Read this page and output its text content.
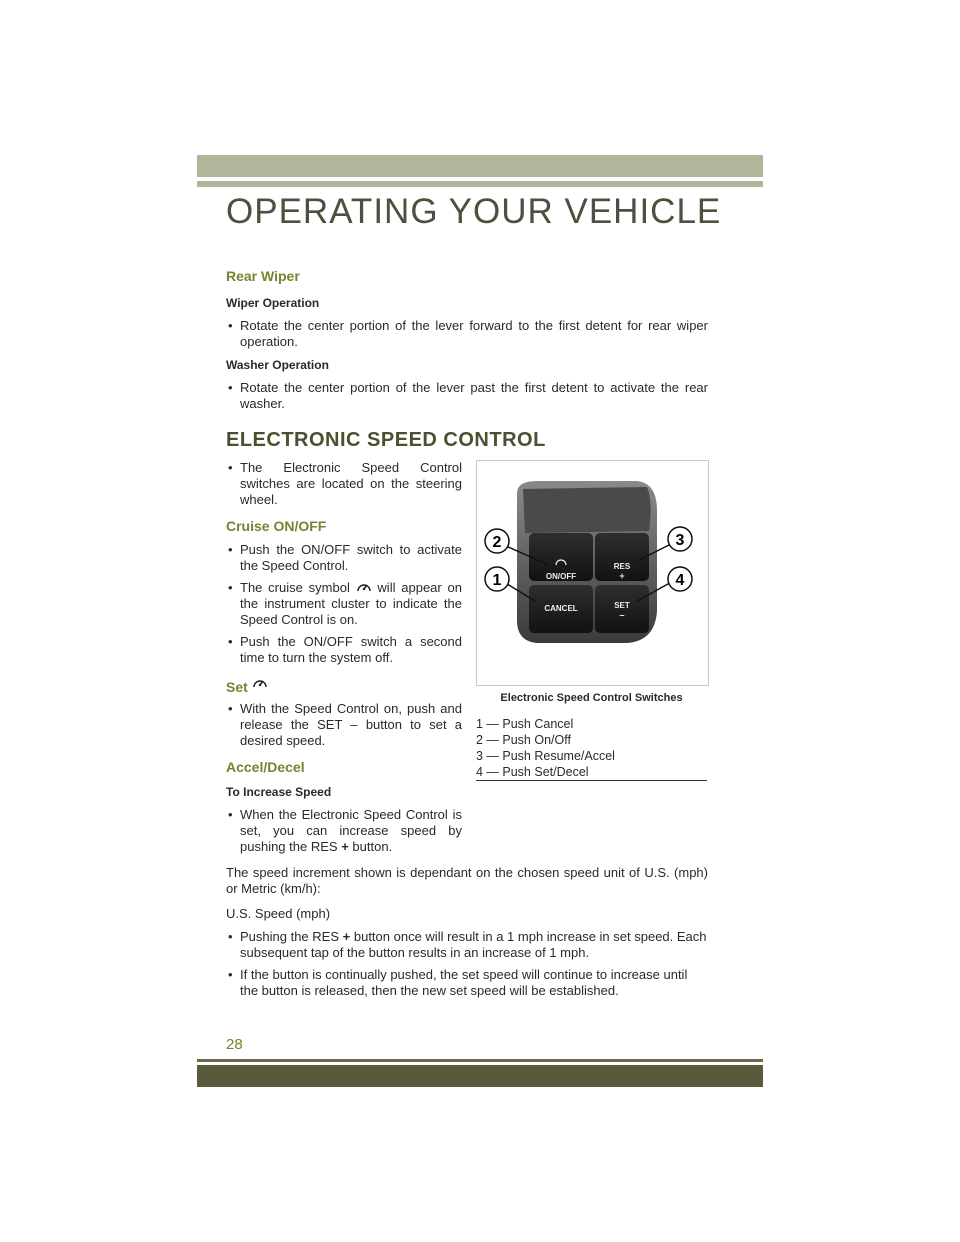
OPERATING YOUR VEHICLE
Rear Wiper
Wiper Operation

• Rotate the center portion of the lever forward to the first detent for rear wiper operation.

Washer Operation

• Rotate the center portion of the lever past the first detent to activate the rear washer.

ELECTRONIC SPEED CONTROL

• The Electronic Speed Control switches are located on the steering wheel.

Cruise ON/OFF

• Push the ON/OFF switch to activate the Speed Control.

• The cruise symbol will appear on the instrument cluster to indicate the Speed Control is on.

• Push the ON/OFF switch a second time to turn the system off.

Set

• With the Speed Control on, push and release the SET – button to set a desired speed.

Accel/Decel
To Increase Speed

• When the Electronic Speed Control is set, you can increase speed by pushing the RES + button.

The speed increment shown is dependant on the chosen speed unit of U.S. (mph) or Metric (km/h):

U.S. Speed (mph)

• Pushing the RES + button once will result in a 1 mph increase in set speed. Each subsequent tap of the button results in an increase of 1 mph.

• If the button is continually pushed, the set speed will continue to increase until the button is released, then the new set speed will be established.

ON/OFF
RES
+
CANCEL	SET
–
2
1
3
4
Electronic Speed Control Switches
1 — Push Cancel
2 — Push On/Off
3 — Push Resume/Accel
4 — Push Set/Decel
28
